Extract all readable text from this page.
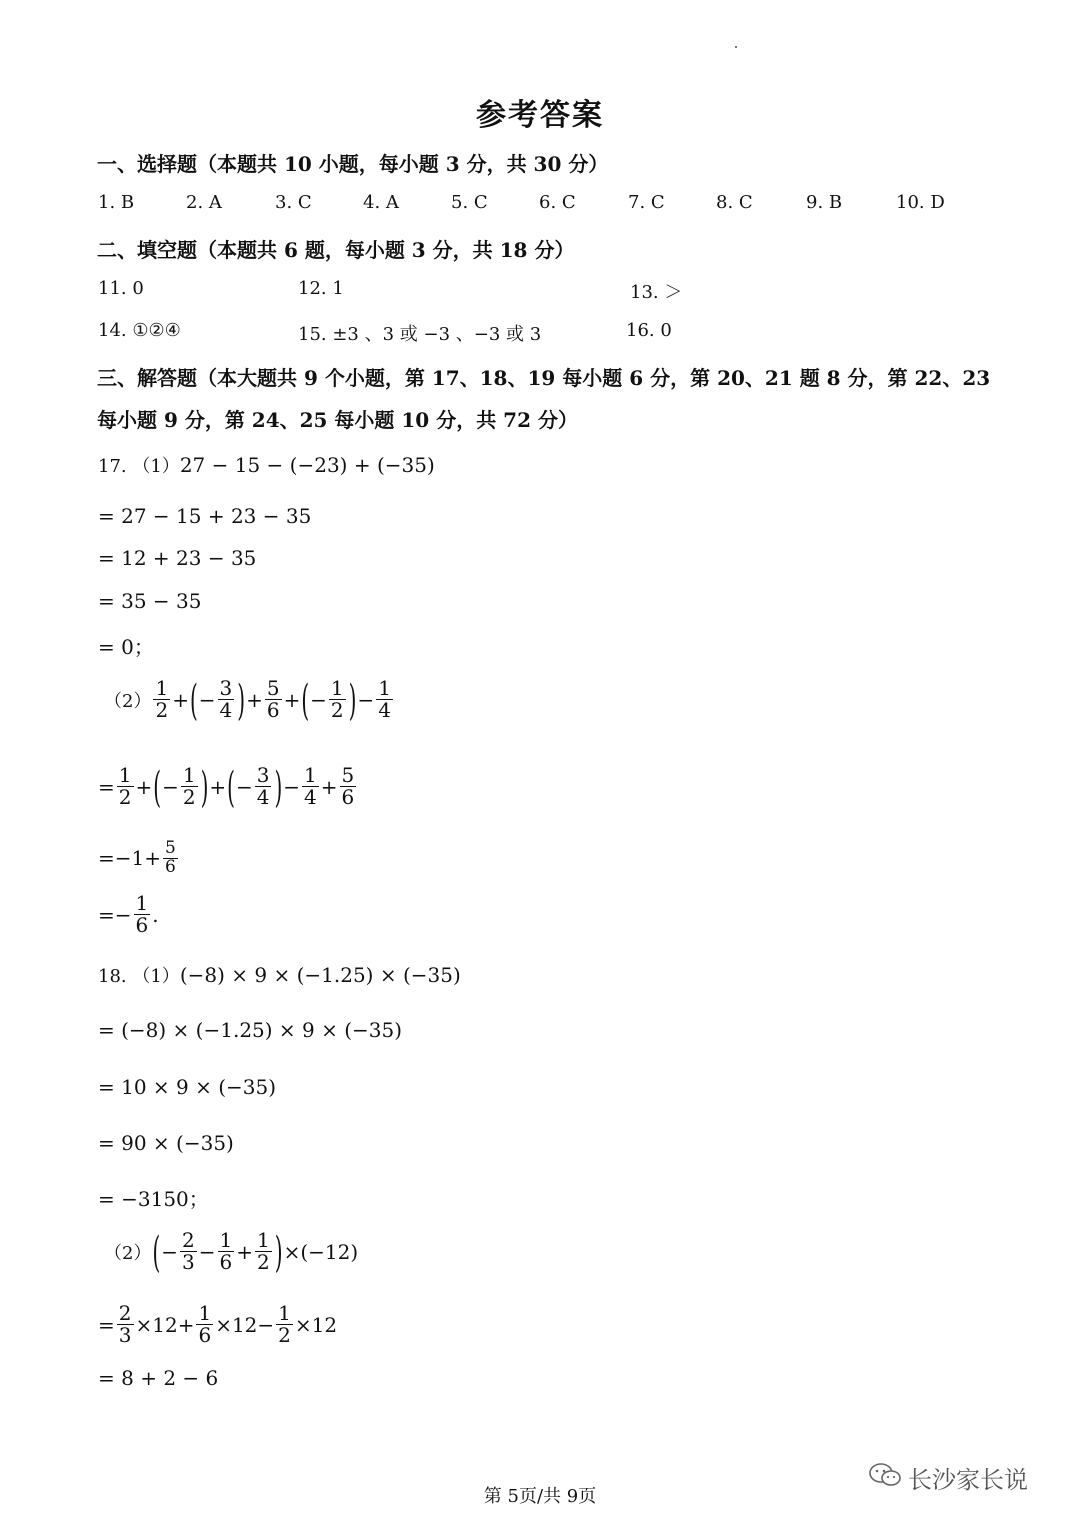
参考答案
一、选择题（本题共 10 小题，每小题 3 分，共 30 分）
1. B	2. A	3. C	4. A	5. C	6. C	7. C	8. C	9. B	10. D
二、填空题（本题共 6 题，每小题 3 分，共 18 分）
11. 0	12. 1	13. ＞
14. ①②④	15. ±3 、3 或 −3 、−3 或 3	16. 0
三、解答题（本大题共 9 个小题，第 17、18、19 每小题 6 分，第 20、21 题 8 分，第 22、23
每小题 9 分，第 24、25 每小题 10 分，共 72 分）
17. （1）27 − 15 − (−23) + (−35)
= 27 − 15 + 23 − 35
= 12 + 23 − 35
= 35 − 35
= 0；
$(2) \frac{1}{2}$ + ( − $\frac{3}{4}$ ) + $\frac{5}{6}$ + ( − $\frac{1}{2}$ ) − $\frac{1}{4}$
= $\frac{1}{2}$ + ( − $\frac{1}{2}$ ) + ( − $\frac{3}{4}$ ) − $\frac{1}{4} + \frac{5}{6}$
$=-1+ \frac{5}{6}$
=− $\frac{1}{6}$ .
18. （1）(−8) × 9 × (−1.25) × (−35)
= (−8) × (−1.25) × 9 × (−35)
= 10 × 9 × (−35)
= 90 × (−35)
= −3150；
（2） ( − $\frac{2}{3} - \frac{1}{6} + \frac{1}{2}$ ) ×(−12)
= $\frac{2}{3} \times 12+ \frac{1}{6} \times 12- \frac{1}{2} \times 12$
= 8 + 2 − 6
第 5页/共 9页
长沙家长说
